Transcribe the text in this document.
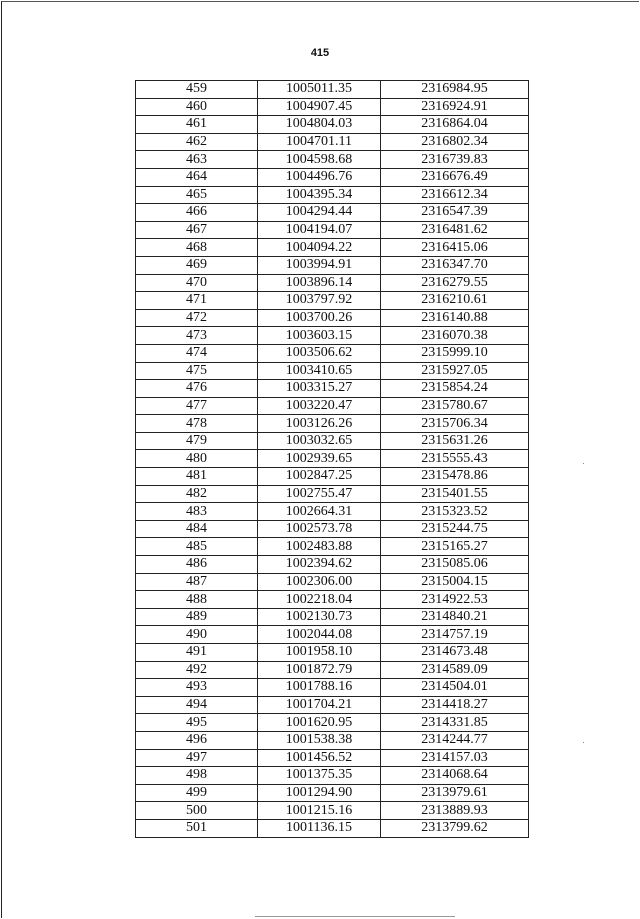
415
459	1005011.35	2316984.95
460	1004907.45	2316924.91
461	1004804.03	2316864.04
462	1004701.11	2316802.34
463	1004598.68	2316739.83
464	1004496.76	2316676.49
465	1004395.34	2316612.34
466	1004294.44	2316547.39
467	1004194.07	2316481.62
468	1004094.22	2316415.06
469	1003994.91	2316347.70
470	1003896.14	2316279.55
471	1003797.92	2316210.61
472	1003700.26	2316140.88
473	1003603.15	2316070.38
474	1003506.62	2315999.10
475	1003410.65	2315927.05
476	1003315.27	2315854.24
477	1003220.47	2315780.67
478	1003126.26	2315706.34
479	1003032.65	2315631.26
480	1002939.65	2315555.43
481	1002847.25	2315478.86
482	1002755.47	2315401.55
483	1002664.31	2315323.52
484	1002573.78	2315244.75
485	1002483.88	2315165.27
486	1002394.62	2315085.06
487	1002306.00	2315004.15
488	1002218.04	2314922.53
489	1002130.73	2314840.21
490	1002044.08	2314757.19
491	1001958.10	2314673.48
492	1001872.79	2314589.09
493	1001788.16	2314504.01
494	1001704.21	2314418.27
495	1001620.95	2314331.85
496	1001538.38	2314244.77
497	1001456.52	2314157.03
498	1001375.35	2314068.64
499	1001294.90	2313979.61
500	1001215.16	2313889.93
501	1001136.15	2313799.62
